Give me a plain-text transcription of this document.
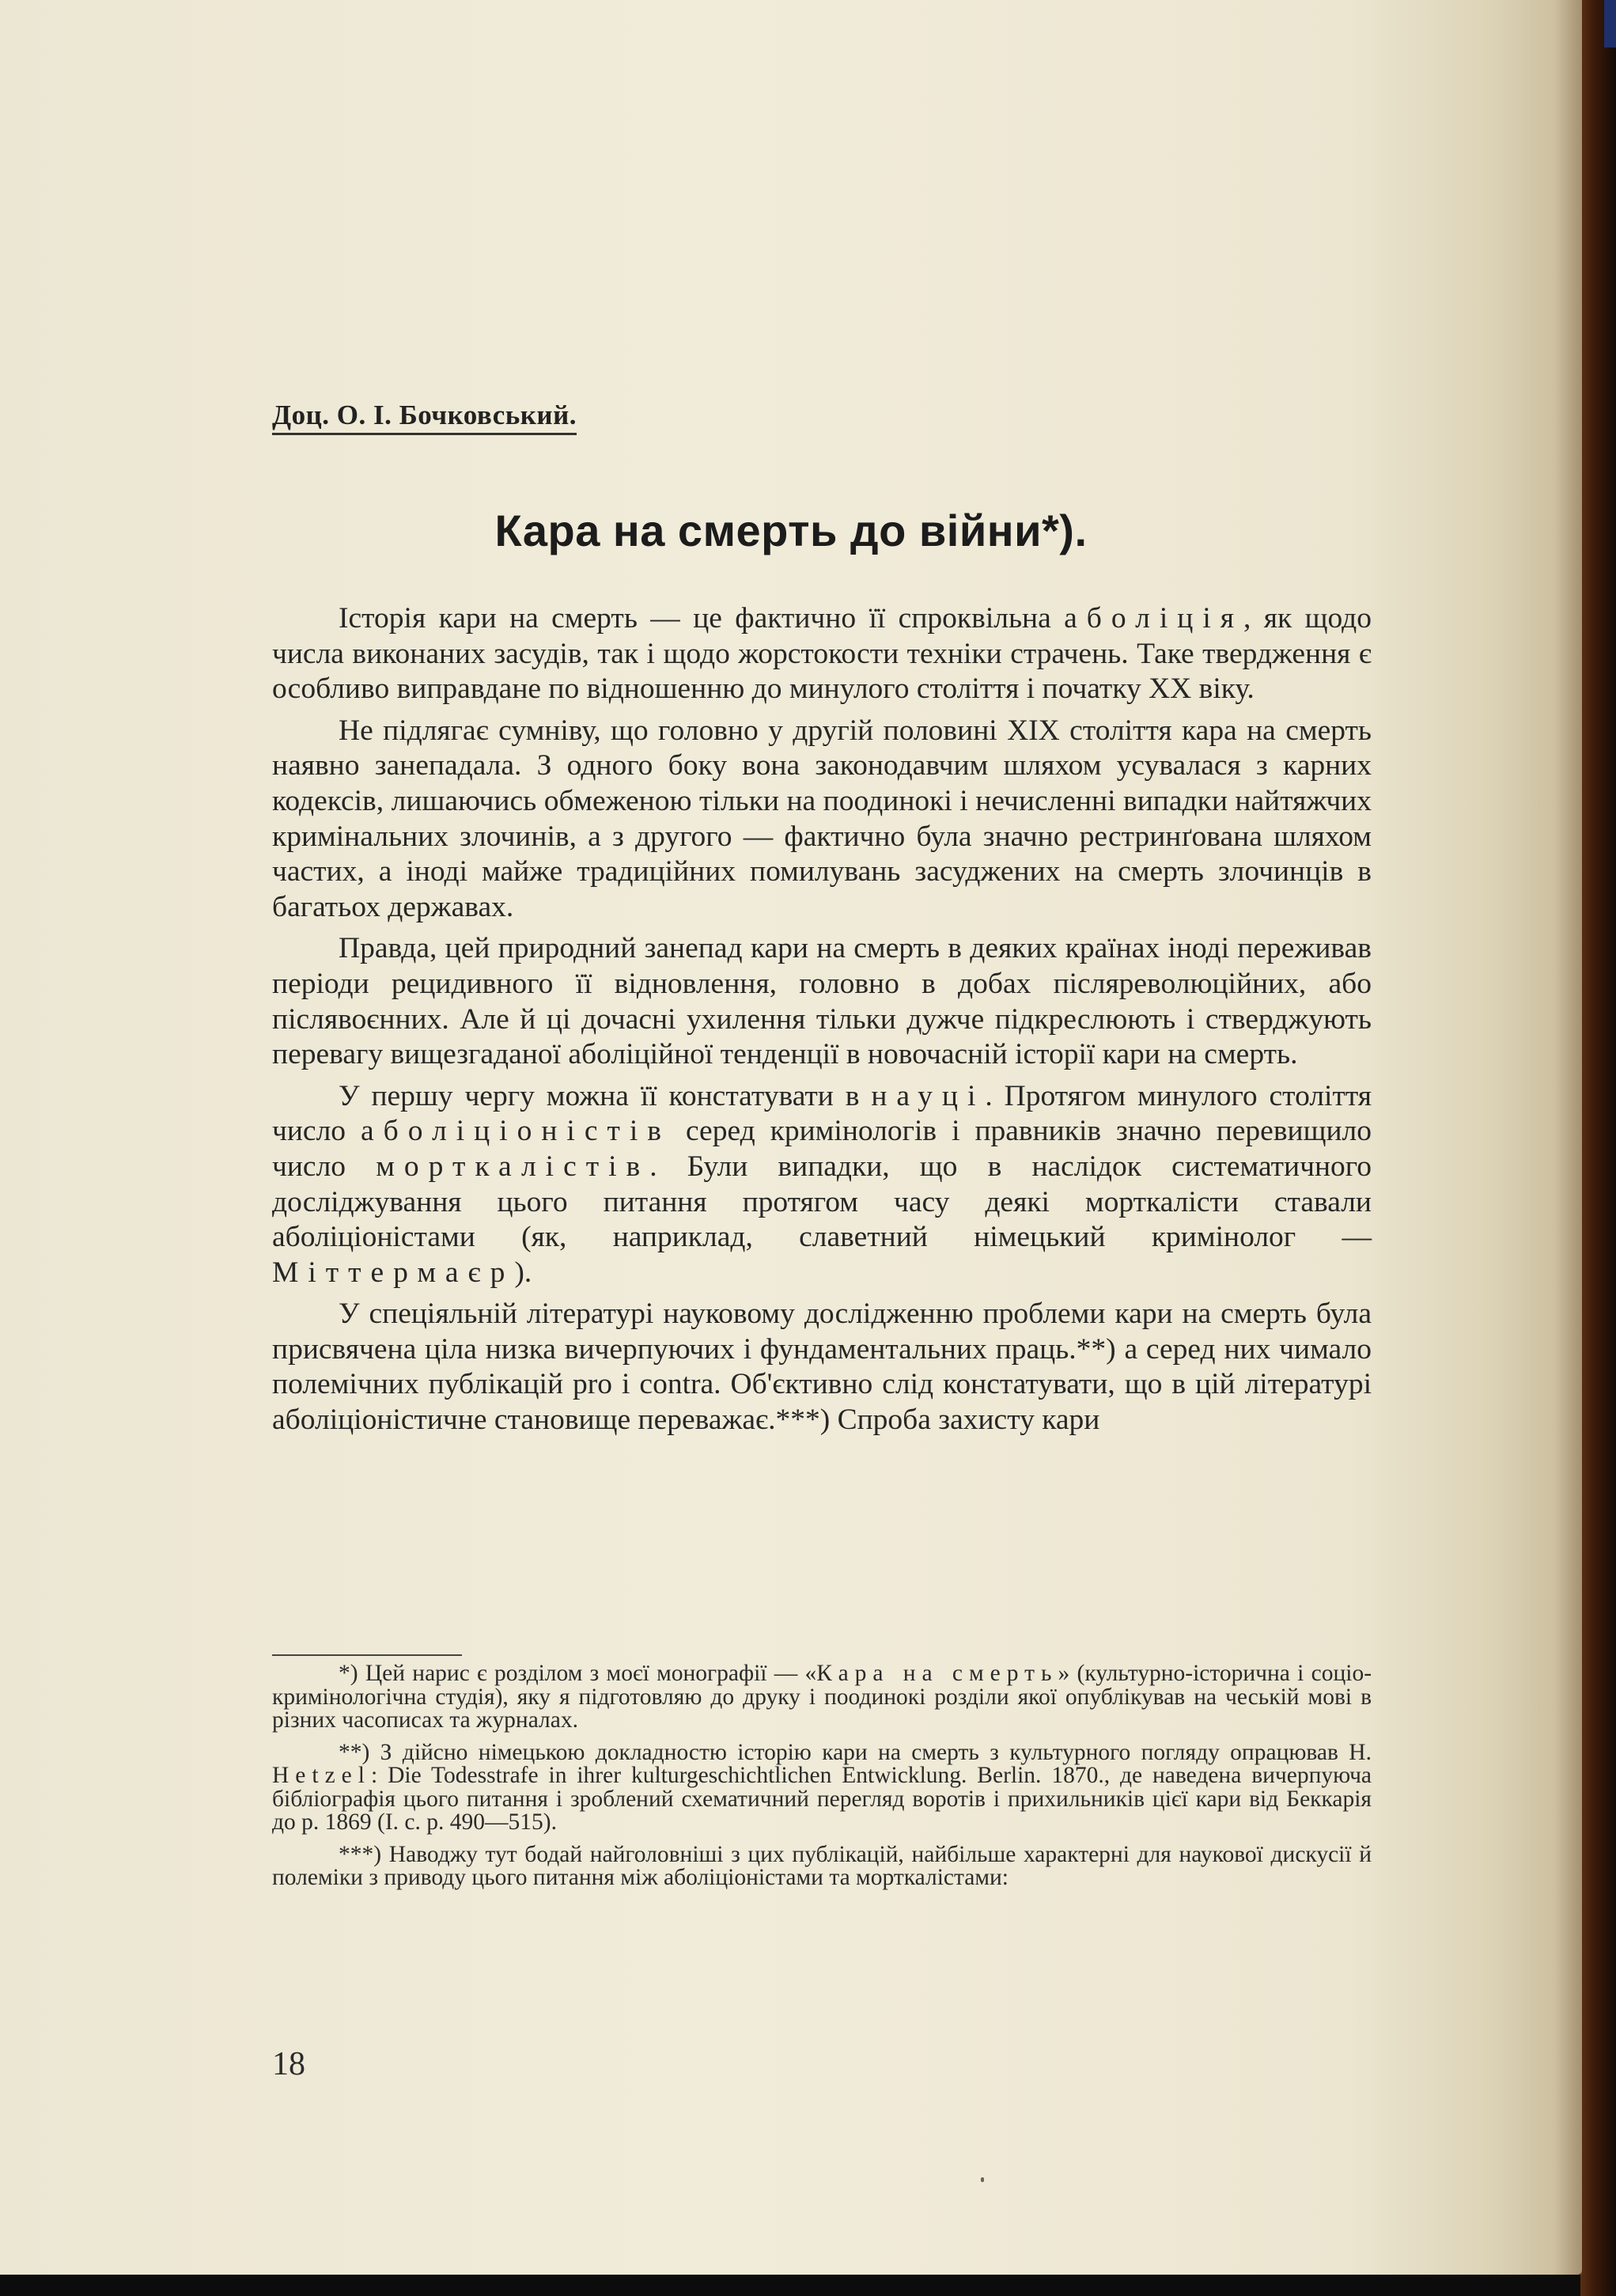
Доц. О. І. Бочковський.
Кара на смерть до війни*).

Історія кари на смерть — це фактично її спроквільна аболіція, як щодо числа виконаних засудів, так і щодо жорстокости техніки страчень. Таке твердження є особливо виправдане по відношенню до минулого століття і початку XX віку.

Не підлягає сумніву, що головно у другій половині XIX століття кара на смерть наявно занепадала. З одного боку вона законодавчим шляхом усувалася з карних кодексів, лишаючись обмеженою тільки на поодинокі і нечисленні випадки найтяжчих кримінальних злочинів, а з другого — фактично була значно рестринґована шляхом частих, а іноді майже традиційних помилувань засуджених на смерть злочинців в багатьох державах.

Правда, цей природний занепад кари на смерть в деяких країнах іноді переживав періоди рецидивного її відновлення, головно в добах післяреволюційних, або післявоєнних. Але й ці дочасні ухилення тільки дужче підкреслюють і стверджують перевагу вищезгаданої аболіційної тенденції в новочасній історії кари на смерть.

У першу чергу можна її констатувати в науці. Протягом минулого століття число аболіціоністів серед кримінологів і правників значно перевищило число морткалістів. Були випадки, що в наслідок систематичного досліджування цього питання протягом часу деякі морткалісти ставали аболіціоністами (як, наприклад, славетний німецький кримінолог — Міттермаєр).

У спеціяльній літературі науковому дослідженню проблеми кари на смерть була присвячена ціла низка вичерпуючих і фундаментальних праць.**) а серед них чимало полемічних публікацій pro і contra. Об'єктивно слід констатувати, що в цій літературі аболіціоністичне становище переважає.***) Спроба захисту кари

*) Цей нарис є розділом з моєї монографії — «Кара на смерть» (культурно-історична і соціо-кримінологічна студія), яку я підготовляю до друку і поодинокі розділи якої опублікував на чеській мові в різних часописах та журналах.

**) З дійсно німецькою докладностю історію кари на смерть з культурного погляду опрацював H. Hetzel: Die Todesstrafe in ihrer kulturgeschichtlichen Entwicklung. Berlin. 1870., де наведена вичерпуюча бібліографія цього питання і зроблений схематичний перегляд воротів і прихильників цієї кари від Беккарія до р. 1869 (I. с. р. 490—515).

***) Наводжу тут бодай найголовніші з цих публікацій, найбільше характерні для наукової дискусії й полеміки з приводу цього питання між аболіціоністами та морткалістами:

18
